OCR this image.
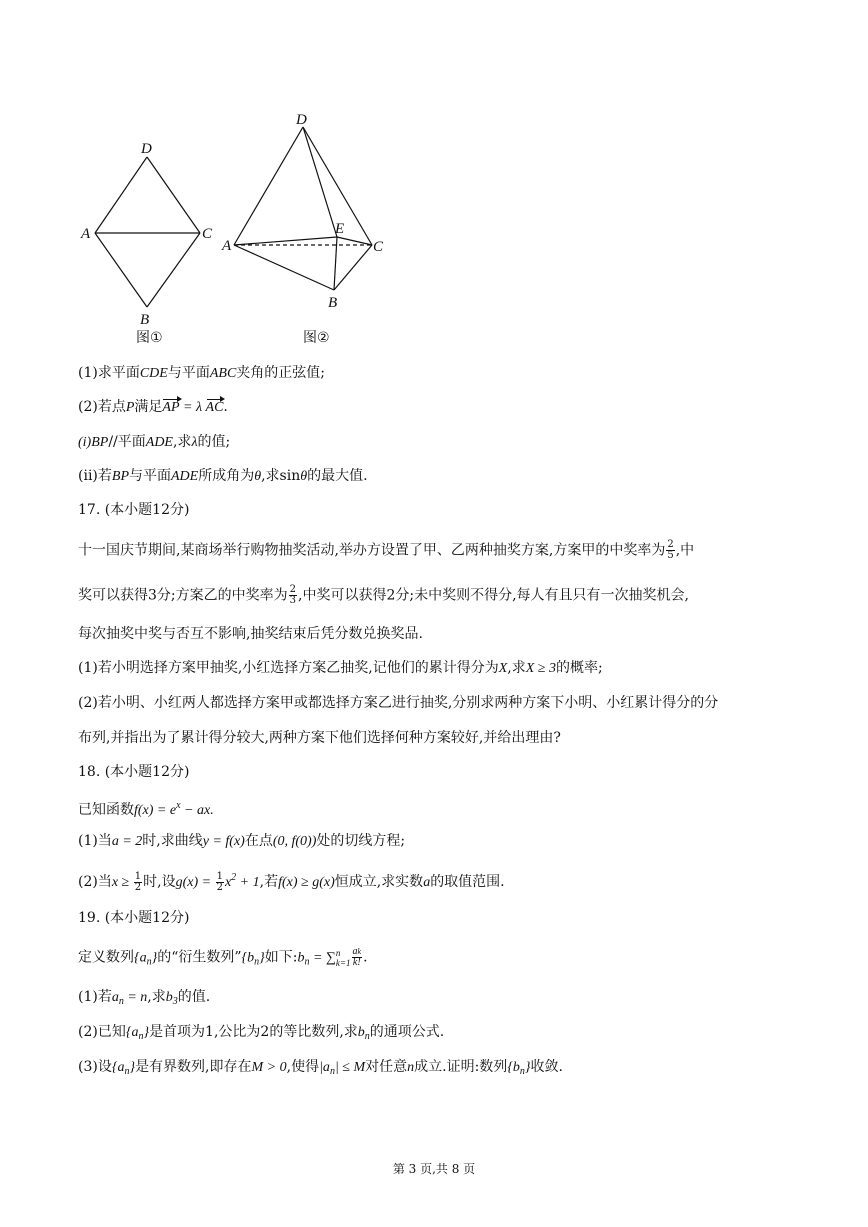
D
A	C
B
图①
D
E
A	C
B
图②
(1)求平面CDE与平面ABC夹角的正弦值;
(2)若点P满足AP = λ AC.
(i)BP//平面ADE,求λ的值;
(ii)若BP与平面ADE所成角为θ,求sinθ的最大值.
17. (本小题12分)
十一国庆节期间,某商场举行购物抽奖活动,举办方设置了甲、乙两种抽奖方案,方案甲的中奖率为 $\frac{2}{5}$ ,中
奖可以获得3分;方案乙的中奖率为 $\frac{2}{3}$ ,中奖可以获得2分;未中奖则不得分,每人有且只有一次抽奖机会,
每次抽奖中奖与否互不影响,抽奖结束后凭分数兑换奖品.
(1)若小明选择方案甲抽奖,小红选择方案乙抽奖,记他们的累计得分为X,求X ≥ 3的概率;
(2)若小明、小红两人都选择方案甲或都选择方案乙进行抽奖,分别求两种方案下小明、小红累计得分的分
布列,并指出为了累计得分较大,两种方案下他们选择何种方案较好,并给出理由?
18. (本小题12分)
已知函数$f(x) = e^x$ − ax.
(1)当a = 2时,求曲线y = f(x)在点(0, f(0))处的切线方程;
(2)当$x \ge \frac{1}{2}$ 时,设$g(x) = \frac{1}{2} x^2 + 1$,若f(x) ≥ g(x)恒成立,求实数a的取值范围.
19. (本小题12分)
定义数列$\{a_n\}$的“衍生数列$”\{b_n\}$如下$:b_n$ = ∑ n
$k=1 \frac{ak}{k!}$ .
(1)若$a_n = n$,求$b_3$的值.
(2)已知$\{a_n\}$是首项为1,公比为2的等比数列,求$b_n$的通项公式.
(3)设$\{a_n\}$是有界数列,即存在M > 0,使得$|a_n| \le M$对任意n成立.证明:数列$\{b_n\}$收敛.
第 3 页,共 8 页
